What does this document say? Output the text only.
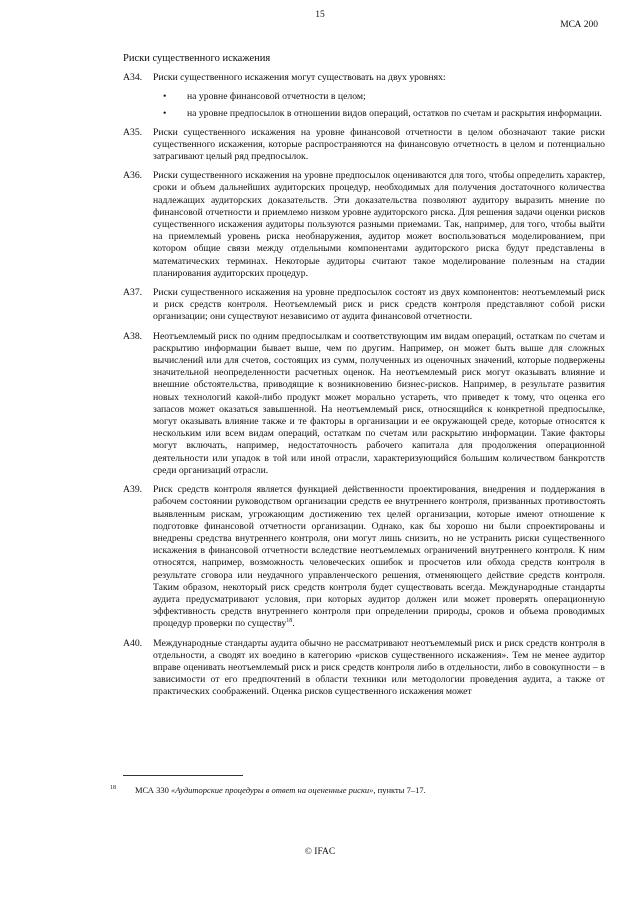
15
МСА 200
Риски существенного искажения
A34.	Риски существенного искажения могут существовать на двух уровнях:
•	на уровне финансовой отчетности в целом;
•	на уровне предпосылок в отношении видов операций, остатков по счетам и раскрытия информации.
A35.	Риски существенного искажения на уровне финансовой отчетности в целом обозначают такие риски существенного искажения, которые распространяются на финансовую отчетность в целом и потенциально затрагивают целый ряд предпосылок.
A36.	Риски существенного искажения на уровне предпосылок оцениваются для того, чтобы определить характер, сроки и объем дальнейших аудиторских процедур, необходимых для получения достаточного количества надлежащих аудиторских доказательств. Эти доказательства позволяют аудитору выразить мнение по финансовой отчетности и приемлемо низком уровне аудиторского риска. Для решения задачи оценки рисков существенного искажения аудиторы пользуются разными приемами. Так, например, для того, чтобы выйти на приемлемый уровень риска необнаружения, аудитор может воспользоваться моделированием, при котором общие связи между отдельными компонентами аудиторского риска будут представлены в математических терминах. Некоторые аудиторы считают такое моделирование полезным на стадии планирования аудиторских процедур.
A37.	Риски существенного искажения на уровне предпосылок состоят из двух компонентов: неотъемлемый риск и риск средств контроля. Неотъемлемый риск и риск средств контроля представляют собой риски организации; они существуют независимо от аудита финансовой отчетности.
A38.	Неотъемлемый риск по одним предпосылкам и соответствующим им видам операций, остаткам по счетам и раскрытию информации бывает выше, чем по другим. Например, он может быть выше для сложных вычислений или для счетов, состоящих из сумм, полученных из оценочных значений, которые подвержены значительной неопределенности расчетных оценок. На неотъемлемый риск могут оказывать влияние и внешние обстоятельства, приводящие к возникновению бизнес-рисков. Например, в результате развития новых технологий какой-либо продукт может морально устареть, что приведет к тому, что оценка его запасов может оказаться завышенной. На неотъемлемый риск, относящийся к конкретной предпосылке, могут оказывать влияние также и те факторы в организации и ее окружающей среде, которые относятся к нескольким или всем видам операций, остаткам по счетам или раскрытию информации. Такие факторы могут включать, например, недостаточность рабочего капитала для продолжения операционной деятельности или упадок в той или иной отрасли, характеризующийся большим количеством банкротств среди организаций отрасли.
A39.	Риск средств контроля является функцией действенности проектирования, внедрения и поддержания в рабочем состоянии руководством организации средств ее внутреннего контроля, призванных противостоять выявленным рискам, угрожающим достижению тех целей организации, которые имеют отношение к подготовке финансовой отчетности организации. Однако, как бы хорошо ни были спроектированы и внедрены средства внутреннего контроля, они могут лишь снизить, но не устранить риски существенного искажения в финансовой отчетности вследствие неотъемлемых ограничений внутреннего контроля. К ним относятся, например, возможность человеческих ошибок и просчетов или обхода средств контроля в результате сговора или неудачного управленческого решения, отменяющего действие средств контроля. Таким образом, некоторый риск средств контроля будет существовать всегда. Международные стандарты аудита предусматривают условия, при которых аудитор должен или может проверять операционную эффективность средств внутреннего контроля при определении природы, сроков и объема проводимых процедур проверки по существу$^{18}$.
A40.	Международные стандарты аудита обычно не рассматривают неотъемлемый риск и риск средств контроля в отдельности, а сводят их воедино в категорию «рисков существенного искажения». Тем не менее аудитор вправе оценивать неотъемлемый риск и риск средств контроля либо в отдельности, либо в совокупности – в зависимости от его предпочтений в области техники или методологии проведения аудита, а также от практических соображений. Оценка рисков существенного искажения может
18	МСА 330 «Аудиторские процедуры в ответ на оцененные риски», пункты 7–17.
© IFAC
